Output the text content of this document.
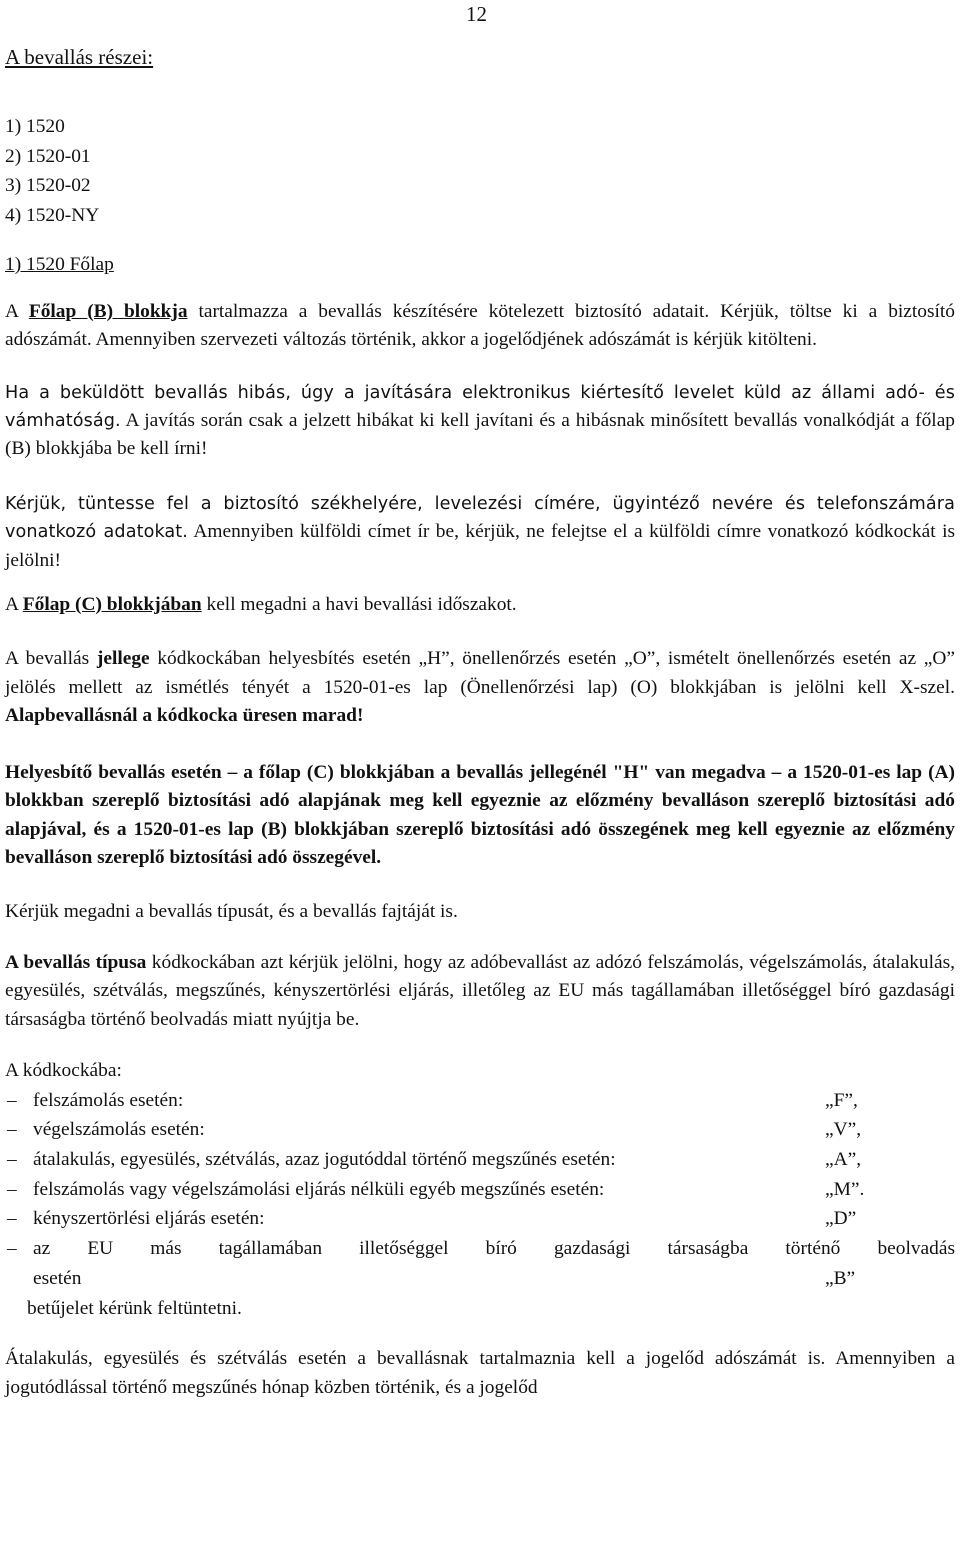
12
A bevallás részei:
1) 1520
2) 1520-01
3) 1520-02
4) 1520-NY
1) 1520 Főlap

A Főlap (B) blokkja tartalmazza a bevallás készítésére kötelezett biztosító adatait. Kérjük, töltse ki a biztosító adószámát. Amennyiben szervezeti változás történik, akkor a jogelődjének adószámát is kérjük kitölteni.

Ha a beküldött bevallás hibás, úgy a javítására elektronikus kiértesítő levelet küld az állami adó- és vámhatóság. A javítás során csak a jelzett hibákat ki kell javítani és a hibásnak minősített bevallás vonalkódját a főlap (B) blokkjába be kell írni!

Kérjük, tüntesse fel a biztosító székhelyére, levelezési címére, ügyintéző nevére és telefonszámára vonatkozó adatokat. Amennyiben külföldi címet ír be, kérjük, ne felejtse el a külföldi címre vonatkozó kódkockát is jelölni!

A Főlap (C) blokkjában kell megadni a havi bevallási időszakot.

A bevallás jellege kódkockában helyesbítés esetén „H”, önellenőrzés esetén „O”, ismételt önellenőrzés esetén az „O” jelölés mellett az ismétlés tényét a 1520-01-es lap (Önellenőrzési lap) (O) blokkjában is jelölni kell X-szel. Alapbevallásnál a kódkocka üresen marad!

Helyesbítő bevallás esetén ‒ a főlap (C) blokkjában a bevallás jellegénél "H" van megadva ‒ a 1520-01-es lap (A) blokkban szereplő biztosítási adó alapjának meg kell egyeznie az előzmény bevalláson szereplő biztosítási adó alapjával, és a 1520-01-es lap (B) blokkjában szereplő biztosítási adó összegének meg kell egyeznie az előzmény bevalláson szereplő biztosítási adó összegével.

Kérjük megadni a bevallás típusát, és a bevallás fajtáját is.

A bevallás típusa kódkockában azt kérjük jelölni, hogy az adóbevallást az adózó felszámolás, végelszámolás, átalakulás, egyesülés, szétválás, megszűnés, kényszertörlési eljárás, illetőleg az EU más tagállamában illetőséggel bíró gazdasági társaságba történő beolvadás miatt nyújtja be.

A kódkockába:
‒ felszámolás esetén:	„F”,
‒ végelszámolás esetén:	„V”,
‒ átalakulás, egyesülés, szétválás, azaz jogutóddal történő megszűnés esetén:	„A”,
‒ felszámolás vagy végelszámolási eljárás nélküli egyéb megszűnés esetén:	„M”.
‒ kényszertörlési eljárás esetén:	„D”
‒ az EU más tagállamában illetőséggel bíró gazdasági társaságba történő beolvadás
esetén	„B”
betűjelet kérünk feltüntetni.

Átalakulás, egyesülés és szétválás esetén a bevallásnak tartalmaznia kell a jogelőd adószámát is. Amennyiben a jogutódlással történő megszűnés hónap közben történik, és a jogelőd
